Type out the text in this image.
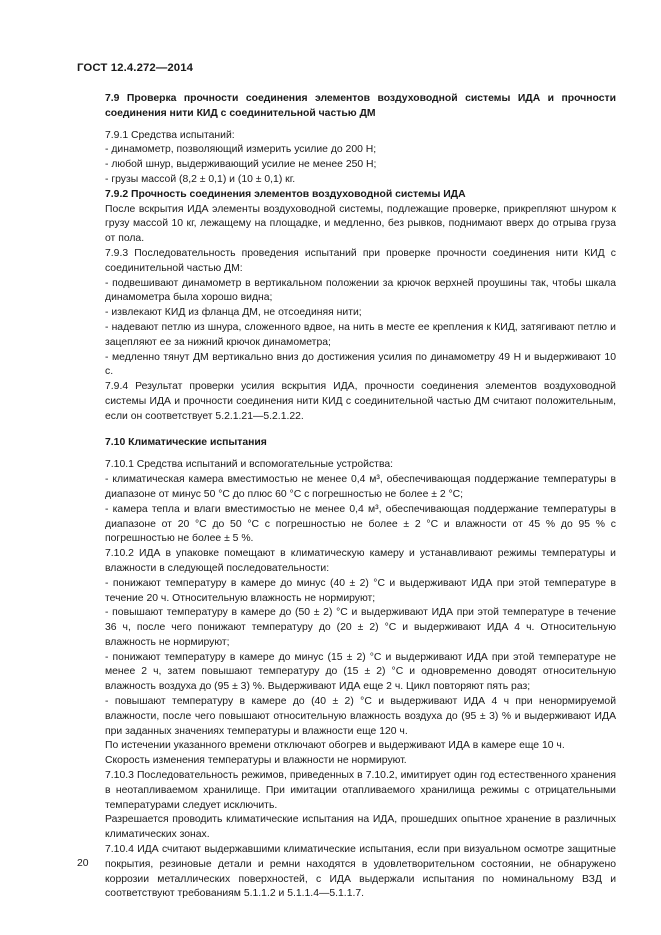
ГОСТ 12.4.272—2014

7.9 Проверка прочности соединения элементов воздуховодной системы ИДА и прочности соединения нити КИД с соединительной частью ДМ

7.9.1 Средства испытаний:

- динамометр, позволяющий измерить усилие до 200 Н;

- любой шнур, выдерживающий усилие не менее 250 Н;

- грузы массой (8,2 ± 0,1) и (10 ± 0,1) кг.

7.9.2 Прочность соединения элементов воздуховодной системы ИДА

После вскрытия ИДА элементы воздуховодной системы, подлежащие проверке, прикрепляют шнуром к грузу массой 10 кг, лежащему на площадке, и медленно, без рывков, поднимают вверх до отрыва груза от пола.

7.9.3 Последовательность проведения испытаний при проверке прочности соединения нити КИД с соединительной частью ДМ:

- подвешивают динамометр в вертикальном положении за крючок верхней проушины так, чтобы шкала динамометра была хорошо видна;

- извлекают КИД из фланца ДМ, не отсоединяя нити;

- надевают петлю из шнура, сложенного вдвое, на нить в месте ее крепления к КИД, затягивают петлю и зацепляют ее за нижний крючок динамометра;

- медленно тянут ДМ вертикально вниз до достижения усилия по динамометру 49 Н и выдерживают 10 с.

7.9.4 Результат проверки усилия вскрытия ИДА, прочности соединения элементов воздуховодной системы ИДА и прочности соединения нити КИД с соединительной частью ДМ считают положительным, если он соответствует 5.2.1.21—5.2.1.22.

7.10 Климатические испытания

7.10.1 Средства испытаний и вспомогательные устройства:

- климатическая камера вместимостью не менее 0,4 м³, обеспечивающая поддержание температуры в диапазоне от минус 50 °С до плюс 60 °С с погрешностью не более ± 2 °С;

- камера тепла и влаги вместимостью не менее 0,4 м³, обеспечивающая поддержание температуры в диапазоне от 20 °С до 50 °С с погрешностью не более ± 2 °С и влажности от 45 % до 95 % с погрешностью не более ± 5 %.

7.10.2 ИДА в упаковке помещают в климатическую камеру и устанавливают режимы температуры и влажности в следующей последовательности:

- понижают температуру в камере до минус (40 ± 2) °С и выдерживают ИДА при этой температуре в течение 20 ч. Относительную влажность не нормируют;

- повышают температуру в камере до (50 ± 2) °С и выдерживают ИДА при этой температуре в течение 36 ч, после чего понижают температуру до (20 ± 2) °С и выдерживают ИДА 4 ч. Относительную влажность не нормируют;

- понижают температуру в камере до минус (15 ± 2) °С и выдерживают ИДА при этой температуре не менее 2 ч, затем повышают температуру до (15 ± 2) °С и одновременно доводят относительную влажность воздуха до (95 ± 3) %. Выдерживают ИДА еще 2 ч. Цикл повторяют пять раз;

- повышают температуру в камере до (40 ± 2) °С и выдерживают ИДА 4 ч при ненормируемой влажности, после чего повышают относительную влажность воздуха до (95 ± 3) % и выдерживают ИДА при заданных значениях температуры и влажности еще 120 ч.

По истечении указанного времени отключают обогрев и выдерживают ИДА в камере еще 10 ч.

Скорость изменения температуры и влажности не нормируют.

7.10.3 Последовательность режимов, приведенных в 7.10.2, имитирует один год естественного хранения в неотапливаемом хранилище. При имитации отапливаемого хранилища режимы с отрицательными температурами следует исключить.

Разрешается проводить климатические испытания на ИДА, прошедших опытное хранение в различных климатических зонах.

7.10.4 ИДА считают выдержавшими климатические испытания, если при визуальном осмотре защитные покрытия, резиновые детали и ремни находятся в удовлетворительном состоянии, не обнаружено коррозии металлических поверхностей, с ИДА выдержали испытания по номинальному ВЗД и соответствуют требованиям 5.1.1.2 и 5.1.1.4—5.1.1.7.

20
